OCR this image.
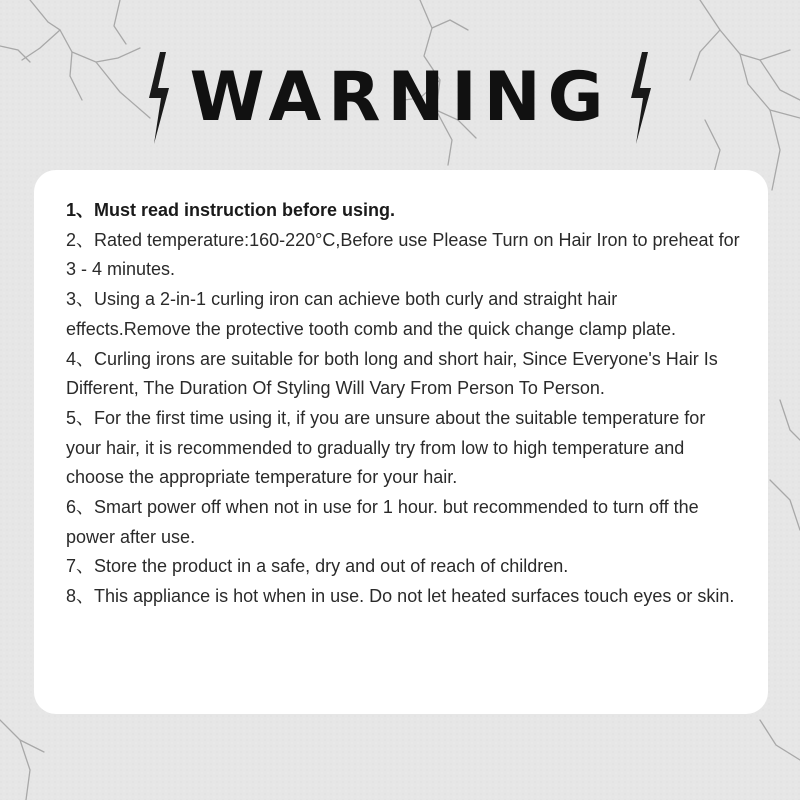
WARNING
1、Must read instruction before using.
2、Rated temperature:160-220°C,Before use Please Turn on Hair Iron to preheat for 3 - 4 minutes.
3、Using a 2-in-1 curling iron can achieve both curly and straight hair effects.Remove the protective tooth comb and the quick change clamp plate.
4、Curling irons are suitable for both long and short hair, Since Everyone's Hair Is Different, The Duration Of Styling Will Vary From Person To Person.
5、For the first time using it, if you are unsure about the suitable temperature for your hair, it is recommended to gradually try from low to high temperature and choose the appropriate temperature for your hair.
6、Smart power off when not in use for 1 hour. but recommended to turn off the power after use.
7、Store the product in a safe, dry and out of reach of children.
8、This appliance is hot when in use. Do not let heated surfaces touch eyes or skin.
